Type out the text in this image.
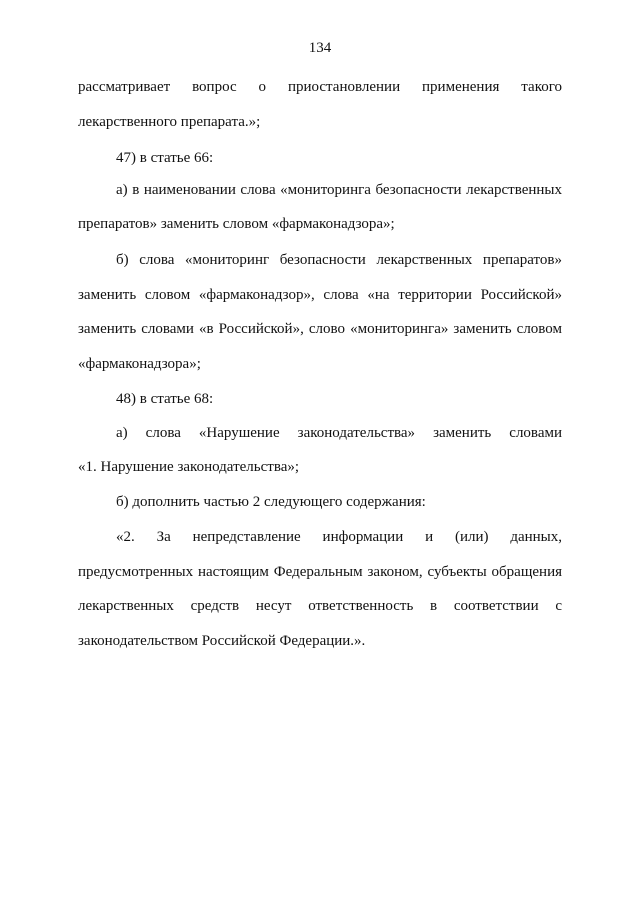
134
рассматривает вопрос о приостановлении применения такого
лекарственного препарата.»;
47) в статье 66:
а) в наименовании слова «мониторинга безопасности лекарственных
препаратов» заменить словом «фармаконадзора»;
б) слова «мониторинг безопасности лекарственных препаратов»
заменить словом «фармаконадзор», слова «на территории Российской»
заменить словами «в Российской», слово «мониторинга» заменить словом
«фармаконадзора»;
48) в статье 68:
а) слова «Нарушение законодательства» заменить словами
«1. Нарушение законодательства»;
б) дополнить частью 2 следующего содержания:
«2. За непредставление информации и (или) данных,
предусмотренных настоящим Федеральным законом, субъекты обращения
лекарственных средств несут ответственность в соответствии с
законодательством Российской Федерации.».
